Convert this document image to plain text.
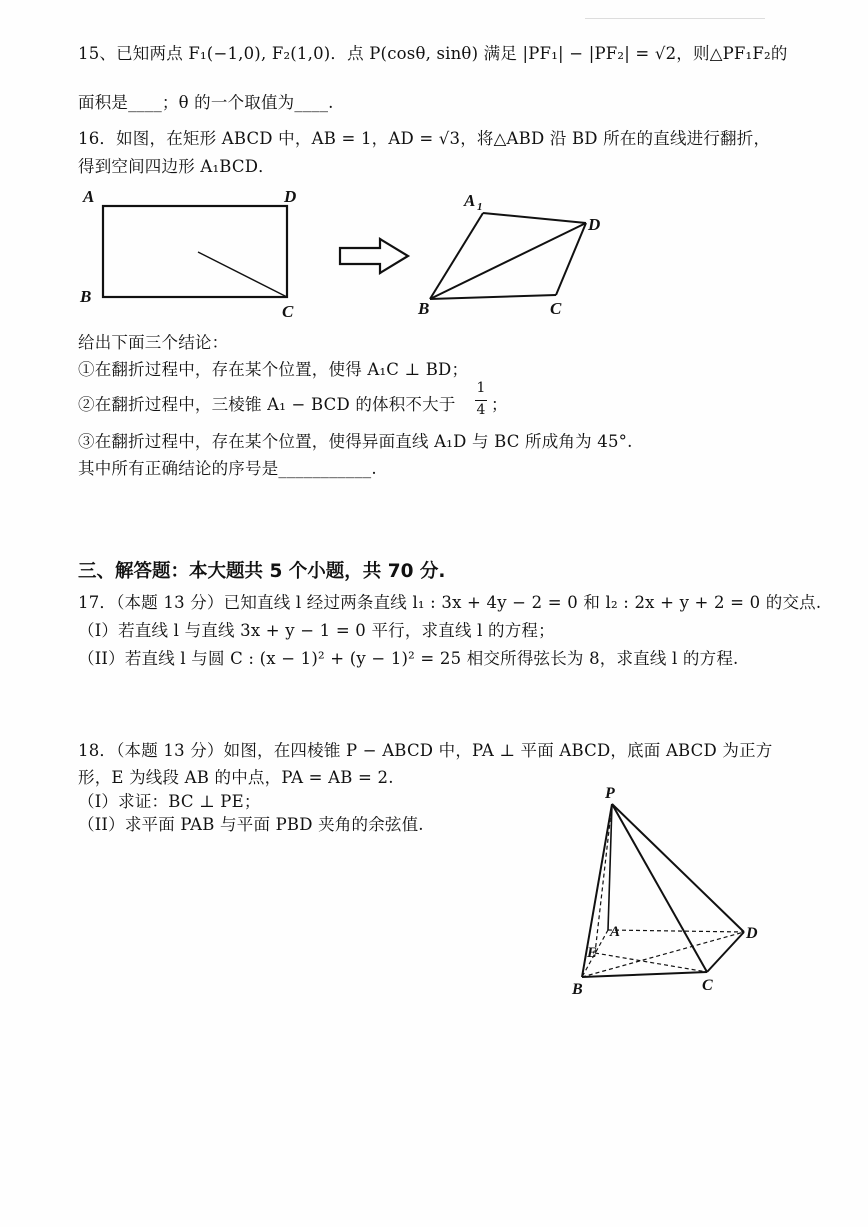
15、已知两点 F₁(−1,0), F₂(1,0)．点 P(cosθ, sinθ) 满足 |PF₁| − |PF₂| = √2，则△PF₁F₂的
面积是____；θ 的一个取值为____.
16．如图，在矩形 ABCD 中，AB = 1，AD = √3，将△ABD 沿 BD 所在的直线进行翻折，
得到空间四边形 A₁BCD．
A	D
B
C
A 1
D
B	C
给出下面三个结论：
①在翻折过程中，存在某个位置，使得 A₁C ⊥ BD；
②在翻折过程中，三棱锥 A₁ − BCD 的体积不大于
1
4 ；
③在翻折过程中，存在某个位置，使得异面直线 A₁D 与 BC 所成角为 45°.
其中所有正确结论的序号是___________.
三、解答题：本大题共 5 个小题，共 70 分.
17．（本题 13 分）已知直线 l 经过两条直线 l₁ : 3x + 4y − 2 = 0 和 l₂ : 2x + y + 2 = 0 的交点.
（I）若直线 l 与直线 3x + y − 1 = 0 平行，求直线 l 的方程；
（II）若直线 l 与圆 C : (x − 1)² + (y − 1)² = 25 相交所得弦长为 8，求直线 l 的方程.
18．（本题 13 分）如图，在四棱锥 P − ABCD 中，PA ⊥ 平面 ABCD，底面 ABCD 为正方
形，E 为线段 AB 的中点，PA = AB = 2.
（I）求证：BC ⊥ PE；
（II）求平面 PAB 与平面 PBD 夹角的余弦值.
P
A	D
E
B	C
